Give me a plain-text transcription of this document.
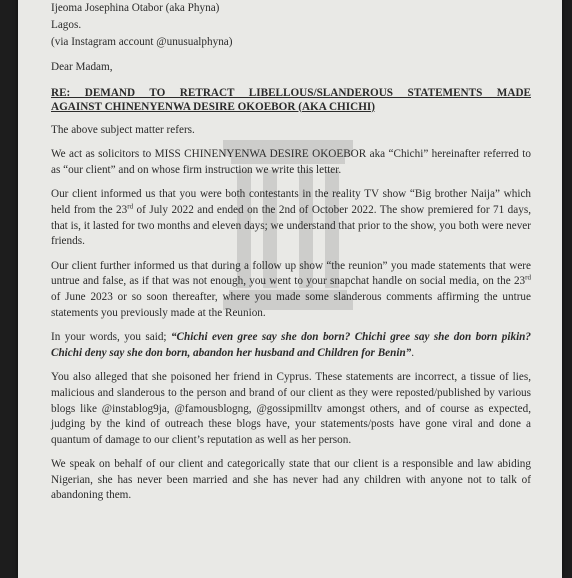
Ijeoma Josephina Otabor (aka Phyna)
Lagos.
(via Instagram account @unusualphyna)
Dear Madam,
RE: DEMAND TO RETRACT LIBELLOUS/SLANDEROUS STATEMENTS MADE
AGAINST CHINENYENWA DESIRE OKOEBOR (AKA CHICHI)

The above subject matter refers.

We act as solicitors to MISS CHINENYENWA DESIRE OKOEBOR aka “Chichi” hereinafter referred to as “our client” and on whose firm instruction we write this letter.

Our client informed us that you were both contestants in the reality TV show “Big brother Naija” which held from the 23rd of July 2022 and ended on the 2nd of October 2022. The show premiered for 71 days, that is, it lasted for two months and eleven days; we understand that prior to the show, you both were never friends.

Our client further informed us that during a follow up show “the reunion” you made statements that were untrue and false, as if that was not enough, you went to your snapchat handle on social media, on the 23rd of June 2023 or so soon thereafter, where you made some slanderous comments affirming the untrue statements you previously made at the Reunion.

In your words, you said; “Chichi even gree say she don born? Chichi gree say she don born pikin? Chichi deny say she don born, abandon her husband and Children for Benin”.

You also alleged that she poisoned her friend in Cyprus. These statements are incorrect, a tissue of lies, malicious and slanderous to the person and brand of our client as they were reposted/published by various blogs like @instablog9ja, @famousblogng, @gossipmilltv amongst others, and of course as expected, judging by the kind of outreach these blogs have, your statements/posts have gone viral and done a quantum of damage to our client’s reputation as well as her person.

We speak on behalf of our client and categorically state that our client is a responsible and law abiding Nigerian, she has never been married and she has never had any children with anyone not to talk of abandoning them.
